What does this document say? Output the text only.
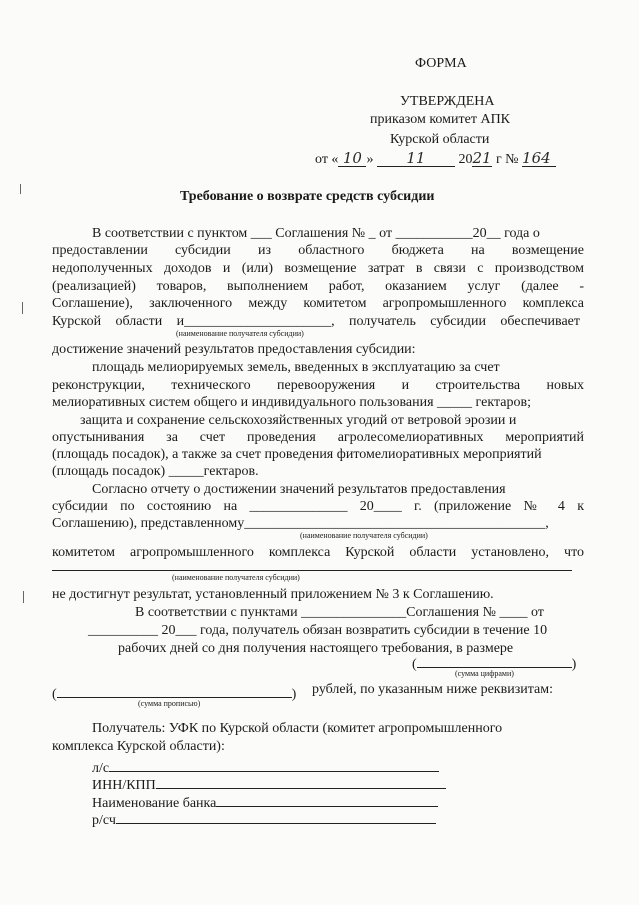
ФОРМА
УТВЕРЖДЕНА
приказом комитет АПК
Курской области
от « 10 » 11 2021 г № 164
Требование о возврате средств субсидии
В соответствии с пунктом ___ Соглашения № _ от ___________20__ года о
предоставлении субсидии из областного бюджета на возмещение
недополученных доходов и (или) возмещение затрат в связи с производством
(реализацией) товаров, выполнением работ, оказанием услуг (далее -
Соглашение), заключенного между комитетом агропромышленного комплекса
Курской области и_____________________, получатель субсидии обеспечивает
(наименование получателя субсидии)
достижение значений результатов предоставления субсидии:
площадь мелиорируемых земель, введенных в эксплуатацию за счет
реконструкции, технического перевооружения и строительства новых
мелиоративных систем общего и индивидуального пользования _____ гектаров;
защита и сохранение сельскохозяйственных угодий от ветровой эрозии и
опустынивания за счет проведения агролесомелиоративных мероприятий
(площадь посадок), а также за счет проведения фитомелиоративных мероприятий
(площадь посадок) _____гектаров.
Согласно отчету о достижении значений результатов предоставления
субсидии по состоянию на ______________ 20____ г. (приложение № 4 к
Соглашению), представленному___________________________________________,
(наименование получателя субсидии)
комитетом агропромышленного комплекса Курской области установлено, что
(наименование получателя субсидии)
не достигнут результат, установленный приложением № 3 к Соглашению.
В соответствии с пунктами _______________Соглашения № ____ от
__________ 20___ года, получатель обязан возвратить субсидии в течение 10
рабочих дней со дня получения настоящего требования, в размере
(	)
(сумма цифрами)
(	) рублей, по указанным ниже реквизитам:
(сумма прописью)
Получатель: УФК по Курской области (комитет агропромышленного
комплекса Курской области):
л/с
ИНН/КПП
Наименование банка
р/сч
